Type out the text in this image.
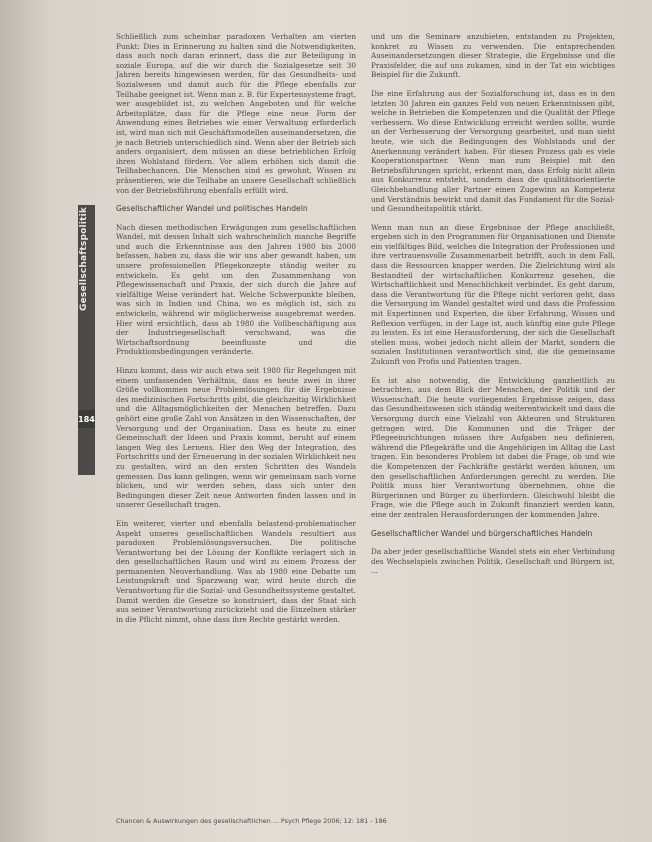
Gesellschaftspolitik
184

Schließlich zum scheinbar paradoxen Verhalten am vierten Punkt: Dies in Erinnerung zu halten sind die Notwendigkeiten, dass auch noch daran erinnert, dass die zur Beteiligung in soziale Europa, auf die wir durch die Sozialgesetze seit 30 Jahren bereits hingewiesen werden, für das Gesundheits- und Sozialwesen und damit auch für die Pflege ebenfalls zur Teilhabe geeignet ist. Wenn man z. B. für Expertensysteme fragt, wer ausgebildet ist, zu welchen Angeboten und für welche Arbeitsplätze, dass für die Pflege eine neue Form der Anwendung eines Betriebes wie einer Verwaltung erforderlich ist, wird man sich mit Geschäftsmodellen auseinandersetzen, die je nach Betrieb unterschiedlich sind. Wenn aber der Betrieb sich anders organisiert, dem müssen an diese betrieblichen Erfolg ihren Wohlstand fördern. Vor allem erhöhen sich damit die Teilhabechancen. Die Menschen sind es gewohnt, Wissen zu präsentieren, wie die Teilhabe an unsere Gesellschaft schließlich von der Betriebsführung ebenfalls erfüllt wird.

Gesellschaftlicher Wandel und politisches Handeln

Nach diesen methodischen Erwägungen zum gesellschaftlichen Wandel, mit dessen Inhalt sich wahrscheinlich manche Begriffe und auch die Erkenntnisse aus den Jahren 1980 bis 2000 befassen, haben zu, dass die wir uns aber gewandt haben, um unsere professionellen Pflegekonzepte ständig weiter zu entwickeln. Es geht um den Zusammenhang von Pflegewissenschaft und Praxis, der sich durch die Jahre auf vielfältige Weise verändert hat. Welche Schwerpunkte bleiben, was sich in Indien und China, wo es möglich ist, sich zu entwickeln, während wir möglicherweise ausgebremst werden. Hier wird ersichtlich, dass ab 1980 die Vollbeschäftigung aus der Industriegesellschaft verschwand, was die Wirtschaftsordnung beeinflusste und die Produktionsbedingungen veränderte.

Hinzu kommt, dass wir auch etwa seit 1980 für Regelungen mit einem umfassenden Verhältnis, dass es heute zwei in ihrer Größe vollkommen neue Problemlösungen für die Ergebnisse des medizinischen Fortschritts gibt, die gleichzeitig Wirklichkeit und die Alltagsmöglichkeiten der Menschen betreffen. Dazu gehört eine große Zahl von Ansätzen in den Wissenschaften, der Versorgung und der Organisation. Dass es heute zu einer Gemeinschaft der Ideen und Praxis kommt, beruht auf einem langen Weg des Lernens. Hier den Weg der Integration, des Fortschritts und der Erneuerung in der sozialen Wirklichkeit neu zu gestalten, wird an den ersten Schritten des Wandels gemessen. Das kann gelingen, wenn wir gemeinsam nach vorne blicken, und wir werden sehen, dass sich unter den Bedingungen dieser Zeit neue Antworten finden lassen und in unserer Gesellschaft tragen.

Ein weiterer, vierter und ebenfalls belastend-problematischer Aspekt unseres gesellschaftlichen Wandels resultiert aus paradoxen Problemlösungsversuchen. Die politische Verantwortung bei der Lösung der Konflikte verlagert sich in den gesellschaftlichen Raum und wird zu einem Prozess der permanenten Neuverhandlung. Was ab 1980 eine Debatte um Leistungskraft und Sparzwang war, wird heute durch die Verantwortung für die Sozial- und Gesundheitssysteme gestaltet. Damit werden die Gesetze so konstruiert, dass der Staat sich aus seiner Verantwortung zurückzieht und die Einzelnen stärker in die Pflicht nimmt, ohne dass ihre Rechte gestärkt werden.

und um die Seminare anzubieten, entstanden zu Projekten, konkret zu Wissen zu verwenden. Die entsprechenden Auseinandersetzungen dieser Strategie, die Ergebnisse und die Praxisfelder, die auf uns zukamen, sind in der Tat ein wichtiges Beispiel für die Zukunft.

Die eine Erfahrung aus der Sozialforschung ist, dass es in den letzten 30 Jahren ein ganzes Feld von neuen Erkenntnissen gibt, welche in Betrieben die Kompetenzen und die Qualität der Pflege verbessern. Wo diese Entwicklung erreicht werden sollte, wurde an der Verbesserung der Versorgung gearbeitet, und man sieht heute, wie sich die Bedingungen des Wohlstands und der Anerkennung verändert haben. Für diesen Prozess gab es viele Kooperationspartner. Wenn man zum Beispiel mit den Betriebsführungen spricht, erkennt man, dass Erfolg nicht allein aus Konkurrenz entsteht, sondern dass die qualitätsorientierte Gleichbehandlung aller Partner einen Zugewinn an Kompetenz und Verständnis bewirkt und damit das Fundament für die Sozial- und Gesundheitspolitik stärkt.

Wenn man nun an diese Ergebnisse der Pflege anschließt, ergeben sich in den Programmen für Organisationen und Dienste ein vielfältiges Bild, welches die Integration der Professionen und ihre vertrauensvolle Zusammenarbeit betrifft, auch in dem Fall, dass die Ressourcen knapper werden. Die Zielrichtung wird als Bestandteil der wirtschaftlichen Konkurrenz gesehen, die Wirtschaftlichkeit und Menschlichkeit verbindet. Es geht darum, dass die Verantwortung für die Pflege nicht verloren geht, dass die Versorgung im Wandel gestaltet wird und dass die Profession mit Expertinnen und Experten, die über Erfahrung, Wissen und Reflexion verfügen, in der Lage ist, auch künftig eine gute Pflege zu leisten. Es ist eine Herausforderung, der sich die Gesellschaft stellen muss, wobei jedoch nicht allein der Markt, sondern die sozialen Institutionen verantwortlich sind, die die gemeinsame Zukunft von Profis und Patienten tragen.

Es ist also notwendig, die Entwicklung ganzheitlich zu betrachten, aus dem Blick der Menschen, der Politik und der Wissenschaft. Die heute vorliegenden Ergebnisse zeigen, dass das Gesundheitswesen sich ständig weiterentwickelt und dass die Versorgung durch eine Vielzahl von Akteuren und Strukturen getragen wird. Die Kommunen und die Träger der Pflegeeinrichtungen müssen ihre Aufgaben neu definieren, während die Pflegekräfte und die Angehörigen im Alltag die Last tragen. Ein besonderes Problem ist dabei die Frage, ob und wie die Kompetenzen der Fachkräfte gestärkt werden können, um den gesellschaftlichen Anforderungen gerecht zu werden. Die Politik muss hier Verantwortung übernehmen, ohne die Bürgerinnen und Bürger zu überfordern. Gleichwohl bleibt die Frage, wie die Pflege auch in Zukunft finanziert werden kann, eine der zentralen Herausforderungen der kommenden Jahre.

Gesellschaftlicher Wandel und bürgerschaftliches Handeln

Da aber jeder gesellschaftliche Wandel stets ein eher Verbindung des Wechselspiels zwischen Politik, Gesellschaft und Bürgern ist, ...

Chancen & Auswirkungen des gesellschaftlichen ... Psych Pflege 2006; 12: 181 - 186
